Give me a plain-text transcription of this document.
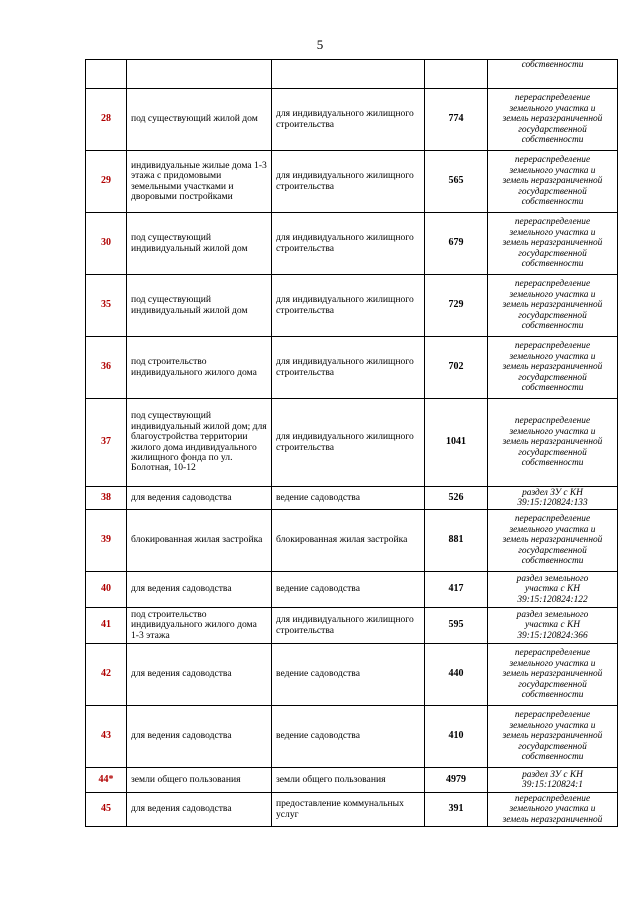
5
				собственности
28	под существующий жилой дом	для индивидуального жилищного строительства	774	перераспределение
земельного участка и
земель неразграниченной
государственной
собственности
29	индивидуальные жилые дома 1-3 этажа с придомовыми земельными участками и дворовыми постройками	для индивидуального жилищного строительства	565	перераспределение
земельного участка и
земель неразграниченной
государственной
собственности
30	под существующий индивидуальный жилой дом	для индивидуального жилищного строительства	679	перераспределение
земельного участка и
земель неразграниченной
государственной
собственности
35	под существующий индивидуальный жилой дом	для индивидуального жилищного строительства	729	перераспределение
земельного участка и
земель неразграниченной
государственной
собственности
36	под строительство индивидуального жилого дома	для индивидуального жилищного строительства	702	перераспределение
земельного участка и
земель неразграниченной
государственной
собственности
37	под существующий индивидуальный жилой дом; для благоустройства территории жилого дома индивидуального жилищного фонда по ул. Болотная, 10-12	для индивидуального жилищного строительства	1041	перераспределение
земельного участка и
земель неразграниченной
государственной
собственности
38	для ведения садоводства	ведение садоводства	526	раздел ЗУ с КН
39:15:120824:133
39	блокированная жилая застройка	блокированная жилая застройка	881	перераспределение
земельного участка и
земель неразграниченной
государственной
собственности
40	для ведения садоводства	ведение садоводства	417	раздел земельного
участка с КН
39:15:120824:122
41	под строительство индивидуального жилого дома 1-3 этажа	для индивидуального жилищного строительства	595	раздел земельного
участка с КН
39:15:120824:366
42	для ведения садоводства	ведение садоводства	440	перераспределение
земельного участка и
земель неразграниченной
государственной
собственности
43	для ведения садоводства	ведение садоводства	410	перераспределение
земельного участка и
земель неразграниченной
государственной
собственности
44*	земли общего пользования	земли общего пользования	4979	раздел ЗУ с КН
39:15:120824:1
45	для ведения садоводства	предоставление коммунальных услуг	391	перераспределение
земельного участка и
земель неразграниченной
